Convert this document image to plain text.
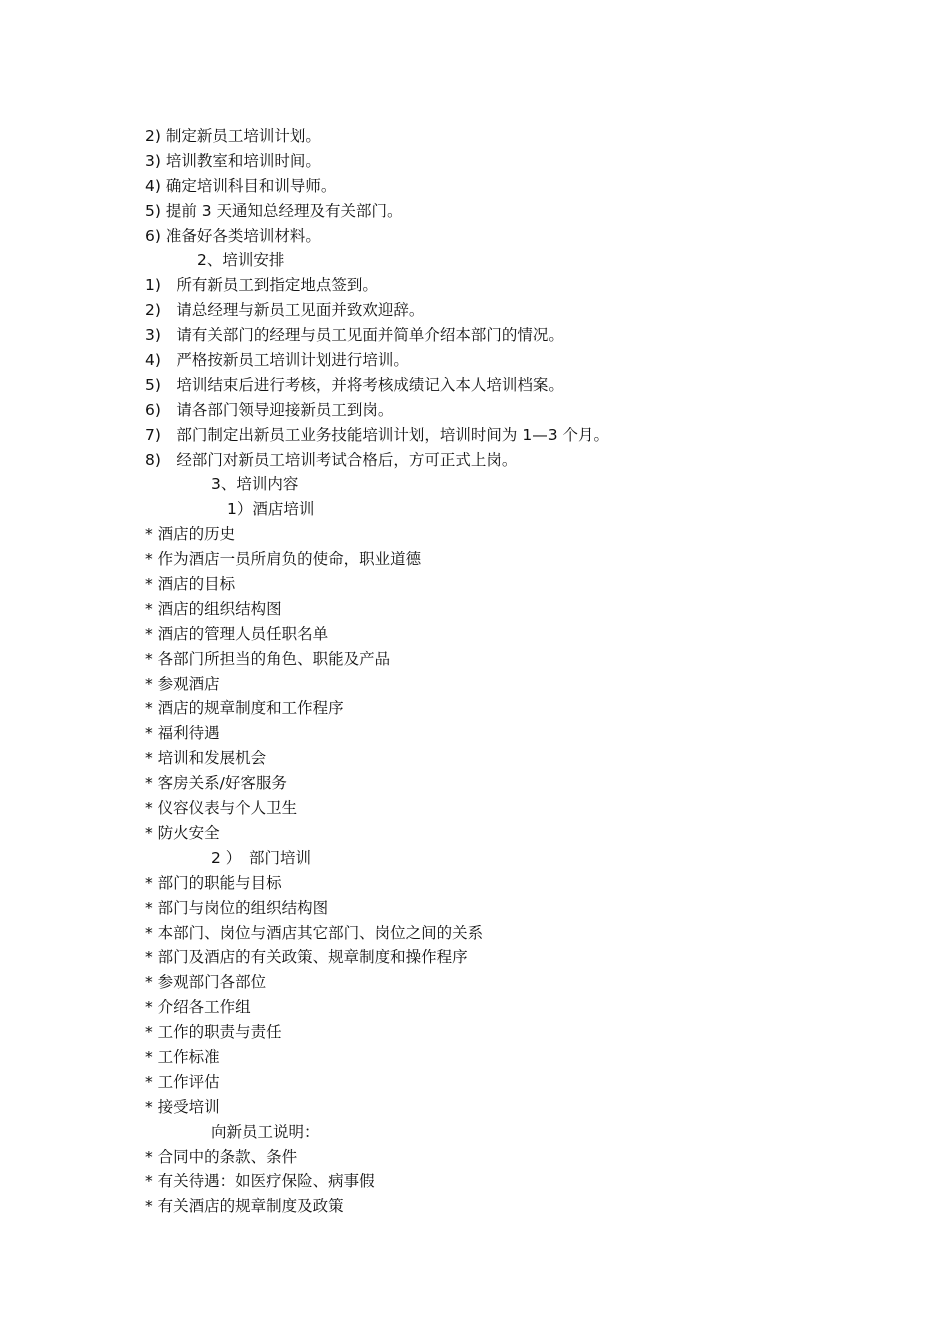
2) 制定新员工培训计划。
3) 培训教室和培训时间。
4) 确定培训科目和训导师。
5) 提前 3 天通知总经理及有关部门。
6) 准备好各类培训材料。
2、培训安排
1)　所有新员工到指定地点签到。
2)　请总经理与新员工见面并致欢迎辞。
3)　请有关部门的经理与员工见面并简单介绍本部门的情况。
4)　严格按新员工培训计划进行培训。
5)　培训结束后进行考核，并将考核成绩记入本人培训档案。
6)　请各部门领导迎接新员工到岗。
7)　部门制定出新员工业务技能培训计划，培训时间为 1—3 个月。
8)　经部门对新员工培训考试合格后，方可正式上岗。
3、培训内容
1）酒店培训
* 酒店的历史
* 作为酒店一员所肩负的使命，职业道德
* 酒店的目标
* 酒店的组织结构图
* 酒店的管理人员任职名单
* 各部门所担当的角色、职能及产品
* 参观酒店
* 酒店的规章制度和工作程序
* 福利待遇
* 培训和发展机会
* 客房关系/好客服务
* 仪容仪表与个人卫生
* 防火安全
2 ）　部门培训
* 部门的职能与目标
* 部门与岗位的组织结构图
* 本部门、岗位与酒店其它部门、岗位之间的关系
* 部门及酒店的有关政策、规章制度和操作程序
* 参观部门各部位
* 介绍各工作组
* 工作的职责与责任
* 工作标准
* 工作评估
* 接受培训
向新员工说明：
* 合同中的条款、条件
* 有关待遇：如医疗保险、病事假
* 有关酒店的规章制度及政策
